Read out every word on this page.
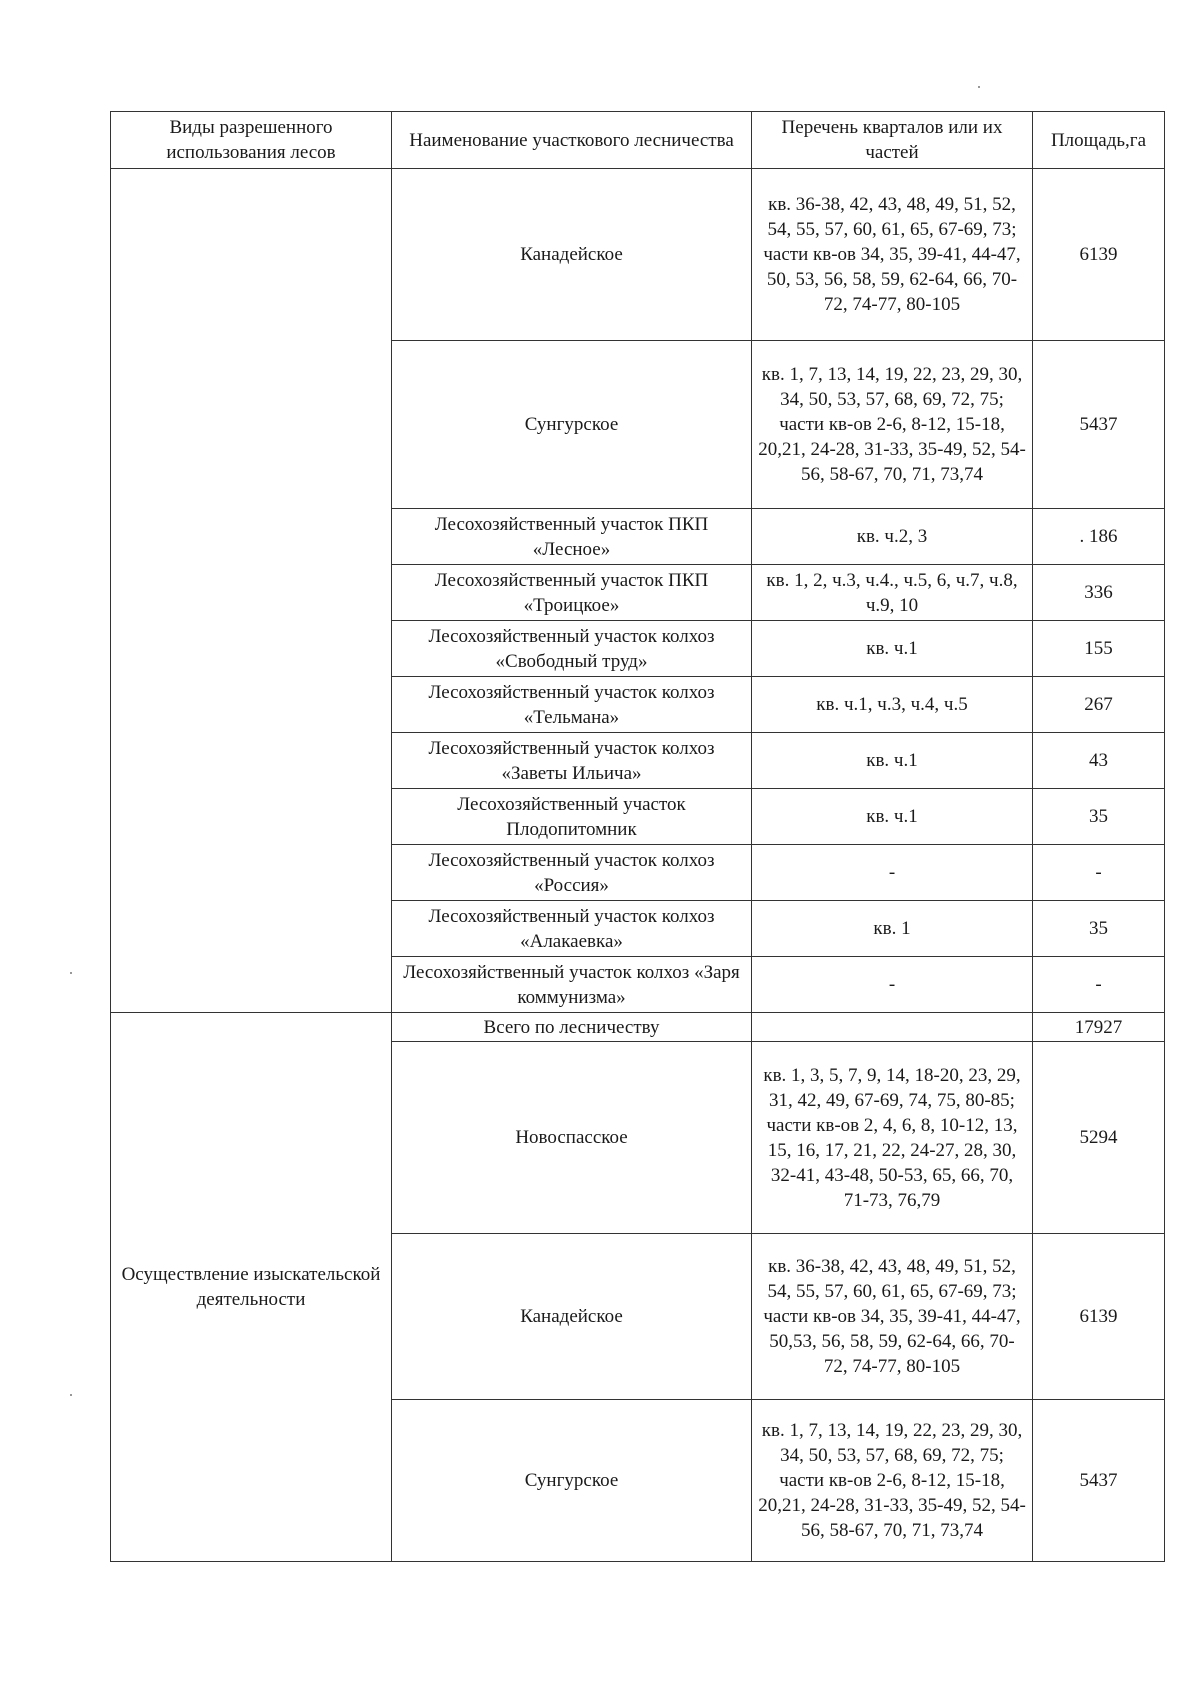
Виды разрешенного использования лесов	Наименование участкового лесничества	Перечень кварталов или их частей	Площадь,га
	Канадейское	кв. 36-38, 42, 43, 48, 49, 51, 52, 54, 55, 57, 60, 61, 65, 67-69, 73; части кв-ов 34, 35, 39-41, 44-47, 50, 53, 56, 58, 59, 62-64, 66, 70-72, 74-77, 80-105	6139
	Сунгурское	кв. 1, 7, 13, 14, 19, 22, 23, 29, 30, 34, 50, 53, 57, 68, 69, 72, 75; части кв-ов 2-6, 8-12, 15-18, 20,21, 24-28, 31-33, 35-49, 52, 54-56, 58-67, 70, 71, 73,74	5437
	Лесохозяйственный участок ПКП «Лесное»	кв. ч.2, 3	. 186
	Лесохозяйственный участок ПКП «Троицкое»	кв. 1, 2, ч.3, ч.4., ч.5, 6, ч.7, ч.8, ч.9, 10	336
	Лесохозяйственный участок колхоз «Свободный труд»	кв. ч.1	155
	Лесохозяйственный участок колхоз «Тельмана»	кв. ч.1, ч.3, ч.4, ч.5	267
	Лесохозяйственный участок колхоз «Заветы Ильича»	кв. ч.1	43
	Лесохозяйственный участок Плодопитомник	кв. ч.1	35
	Лесохозяйственный участок колхоз «Россия»	-	-
	Лесохозяйственный участок колхоз «Алакаевка»	кв. 1	35
	Лесохозяйственный участок колхоз «Заря коммунизма»	-	-
Осуществление изыскательской деятельности	Всего по лесничеству		17927
	Новоспасское	кв. 1, 3, 5, 7, 9, 14, 18-20, 23, 29, 31, 42, 49, 67-69, 74, 75, 80-85; части кв-ов 2, 4, 6, 8, 10-12, 13, 15, 16, 17, 21, 22, 24-27, 28, 30, 32-41, 43-48, 50-53, 65, 66, 70, 71-73, 76,79	5294
	Канадейское	кв. 36-38, 42, 43, 48, 49, 51, 52, 54, 55, 57, 60, 61, 65, 67-69, 73; части кв-ов 34, 35, 39-41, 44-47, 50,53, 56, 58, 59, 62-64, 66, 70-72, 74-77, 80-105	6139
	Сунгурское	кв. 1, 7, 13, 14, 19, 22, 23, 29, 30, 34, 50, 53, 57, 68, 69, 72, 75; части кв-ов 2-6, 8-12, 15-18, 20,21, 24-28, 31-33, 35-49, 52, 54-56, 58-67, 70, 71, 73,74	5437
